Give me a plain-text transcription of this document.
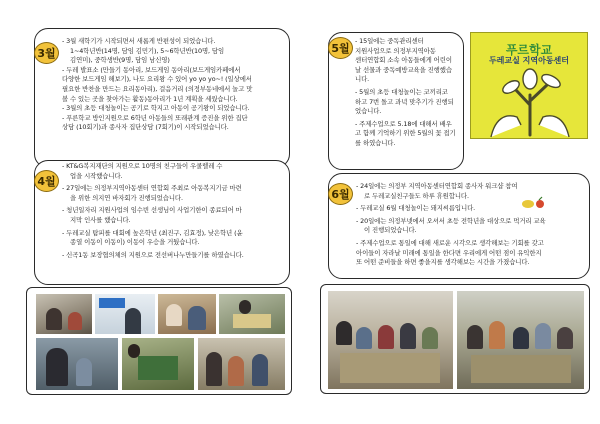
3월

- 3월 새학기가 시작되면서 새롭게 반편성이 되었습니다.

1~4학년반(14명, 담임 김민기), 5~6학년반(10명, 담임

김연미), 중학생반(9명, 담임 남신영)

- 두레 발표소 (만들기 동아리, 보드게임 동아리(보드게임카페에서

다양한 보드게임 해보기), 나도 요리왕 수 있어 yo yo yo~! (일상에서

필요한 반찬을 만드는 요리동아리), 걸음거리 (의정부동네에서 놀고 맛

볼 수 있는 곳을 찾아가는 활동)동아리가 1년 계획을 세웠습니다.

- 3월의 초등 대청놀이는 공기로 학지고 아동이 공기왕이 되었습니다.

- 푸른학교 방인지원으로 6학년 아동들의 또래관계 증진을 위한 집단

상담 (10회기)과 종사자 집단상담 (7회기)이 시작되었습니다.

4월

- KT&G복지재단의 지원으로 10명의 친구들이 우쿨렐레 수

업을 시작했습니다.

- 27일에는 의정부지역아동센터 연합회 주최로 아동복지기금 마련

을 위한 의지연 바자회가 진행되었습니다.

- 청년일자리 지원사업의 임수빈 선생님이 사업기한이 종료되어 마

지막 인사를 했습니다.

- 두레교실 탐피를 대회에 높은학년 (최진구, 김효정), 낮은학년 (윤

종열 이동이 이동이) 이동이 우승을 거뒀습니다.

- 신곡1동 보장협의체의 지원으로 전선버나누만들기를 하였습니다.

5월

- 15일에는 중독관리센터

지원사업으로 의정부지역아동

센터연합회 소속 아동들에게 어린이

날 선물과 중독예방교육을 진행했습

니다.

- 5월의 초등 대청놀이는 코끼리코

하고 7번 돌고 과녁 맞추기가 진행되

었습니다.

- 주제수업으로 5.18에 대해서 배우

고 함께 기억하기 위한 5월의 꽃 접기

를 하였습니다.

푸르학교
두레교실 지역아동센터
6월

- 24일에는 의정부 지역아동센터연합회 종사자 워크샵 참여

로 두레교실친구들도 하루 휴원합니다.

- 두레교실 6월 대청놀이는 돼지씨름입니다.

- 20일에는 의정부넷에서 오셔서 초등 전학년을 대상으로 먹거리 교육

이 진행되었습니다.

- 주제수업으로 통일에 대해 새로운 시각으로 생각해보는 기회를 갖고

아이들이 자라날 미래에 통일을 한다면 우리에게 어떤 점이 유익한지

또 어떤 준비들을 하면 좋을지를 생각해보는 시간을 가졌습니다.
